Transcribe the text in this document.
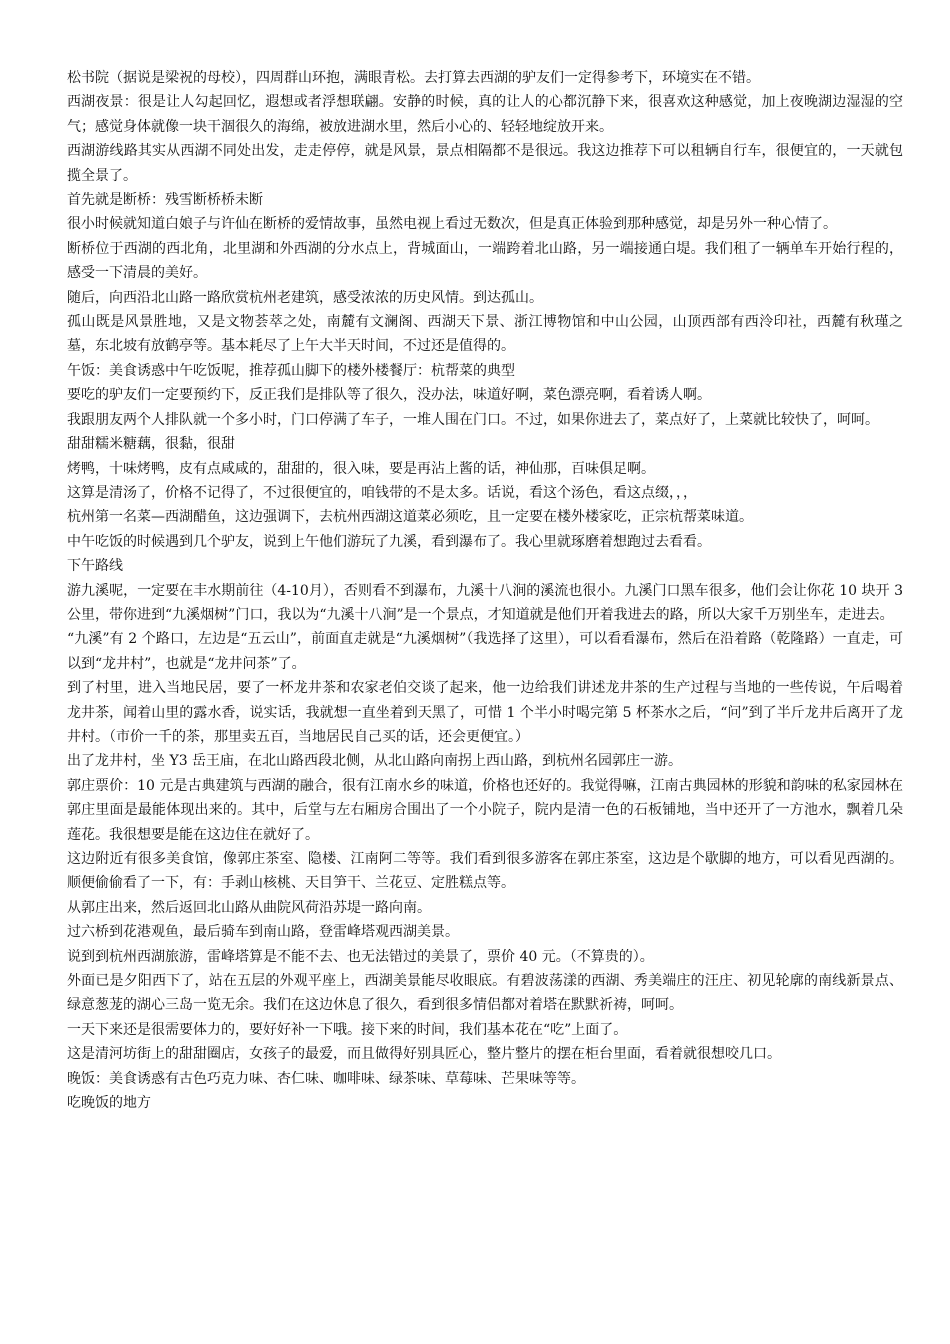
松书院（据说是梁祝的母校），四周群山环抱，满眼青松。去打算去西湖的驴友们一定得参考下，环境实在不错。

西湖夜景：很是让人勾起回忆，遐想或者浮想联翩。安静的时候，真的让人的心都沉静下来，很喜欢这种感觉，加上夜晚湖边湿湿的空气；感觉身体就像一块干涸很久的海绵，被放进湖水里，然后小心的、轻轻地绽放开来。

西湖游线路其实从西湖不同处出发，走走停停，就是风景，景点相隔都不是很远。我这边推荐下可以租辆自行车，很便宜的，一天就包揽全景了。

首先就是断桥：残雪断桥桥未断

很小时候就知道白娘子与许仙在断桥的爱情故事，虽然电视上看过无数次，但是真正体验到那种感觉，却是另外一种心情了。

断桥位于西湖的西北角，北里湖和外西湖的分水点上，背城面山，一端跨着北山路，另一端接通白堤。我们租了一辆单车开始行程的，感受一下清晨的美好。

随后，向西沿北山路一路欣赏杭州老建筑，感受浓浓的历史风情。到达孤山。

孤山既是风景胜地，又是文物荟萃之处，南麓有文澜阁、西湖天下景、浙江博物馆和中山公园，山顶西部有西泠印社，西麓有秋瑾之墓，东北坡有放鹤亭等。基本耗尽了上午大半天时间，不过还是值得的。

午饭：美食诱惑中午吃饭呢，推荐孤山脚下的楼外楼餐厅：杭帮菜的典型

要吃的驴友们一定要预约下，反正我们是排队等了很久，没办法，味道好啊，菜色漂亮啊，看着诱人啊。

我跟朋友两个人排队就一个多小时，门口停满了车子，一堆人围在门口。不过，如果你进去了，菜点好了，上菜就比较快了，呵呵。

甜甜糯米糖藕，很黏，很甜

烤鸭，十味烤鸭，皮有点咸咸的，甜甜的，很入味，要是再沾上酱的话，神仙那，百味俱足啊。

这算是清汤了，价格不记得了，不过很便宜的，咱钱带的不是太多。话说，看这个汤色，看这点缀，，，

杭州第一名菜—西湖醋鱼，这边强调下，去杭州西湖这道菜必须吃，且一定要在楼外楼家吃，正宗杭帮菜味道。

中午吃饭的时候遇到几个驴友，说到上午他们游玩了九溪，看到瀑布了。我心里就琢磨着想跑过去看看。

下午路线

游九溪呢，一定要在丰水期前往（4-10月），否则看不到瀑布，九溪十八涧的溪流也很小。九溪门口黑车很多，他们会让你花 10 块开 3 公里，带你进到“九溪烟树”门口，我以为“九溪十八涧”是一个景点，才知道就是他们开着我进去的路，所以大家千万别坐车，走进去。

“九溪”有 2 个路口，左边是“五云山”，前面直走就是“九溪烟树”（我选择了这里），可以看看瀑布，然后在沿着路（乾隆路）一直走，可以到“龙井村”，也就是“龙井问茶”了。

到了村里，进入当地民居，要了一杯龙井茶和农家老伯交谈了起来，他一边给我们讲述龙井茶的生产过程与当地的一些传说，午后喝着龙井茶，闻着山里的露水香，说实话，我就想一直坐着到天黑了，可惜 1 个半小时喝完第 5 杯茶水之后，“问”到了半斤龙井后离开了龙井村。（市价一千的茶，那里卖五百，当地居民自己买的话，还会更便宜。）

出了龙井村，坐 Y3 岳王庙，在北山路西段北侧，从北山路向南拐上西山路，到杭州名园郭庄一游。

郭庄票价：10 元是古典建筑与西湖的融合，很有江南水乡的味道，价格也还好的。我觉得嘛，江南古典园林的形貌和韵味的私家园林在郭庄里面是最能体现出来的。其中，后堂与左右厢房合围出了一个小院子，院内是清一色的石板铺地，当中还开了一方池水，飘着几朵莲花。我很想要是能在这边住在就好了。

这边附近有很多美食馆，像郭庄茶室、隐楼、江南阿二等等。我们看到很多游客在郭庄茶室，这边是个歇脚的地方，可以看见西湖的。顺便偷偷看了一下，有：手剥山核桃、天目笋干、兰花豆、定胜糕点等。

从郭庄出来，然后返回北山路从曲院风荷沿苏堤一路向南。

过六桥到花港观鱼，最后骑车到南山路，登雷峰塔观西湖美景。

说到到杭州西湖旅游，雷峰塔算是不能不去、也无法错过的美景了，票价 40 元。（不算贵的）。

外面已是夕阳西下了，站在五层的外观平座上，西湖美景能尽收眼底。有碧波荡漾的西湖、秀美端庄的汪庄、初见轮廓的南线新景点、绿意葱茏的湖心三岛一览无余。我们在这边休息了很久，看到很多情侣都对着塔在默默祈祷，呵呵。

一天下来还是很需要体力的，要好好补一下哦。接下来的时间，我们基本花在“吃”上面了。

这是清河坊街上的甜甜圈店，女孩子的最爱，而且做得好别具匠心，整片整片的摆在柜台里面，看着就很想咬几口。

晚饭：美食诱惑有古色巧克力味、杏仁味、咖啡味、绿茶味、草莓味、芒果味等等。

吃晚饭的地方
